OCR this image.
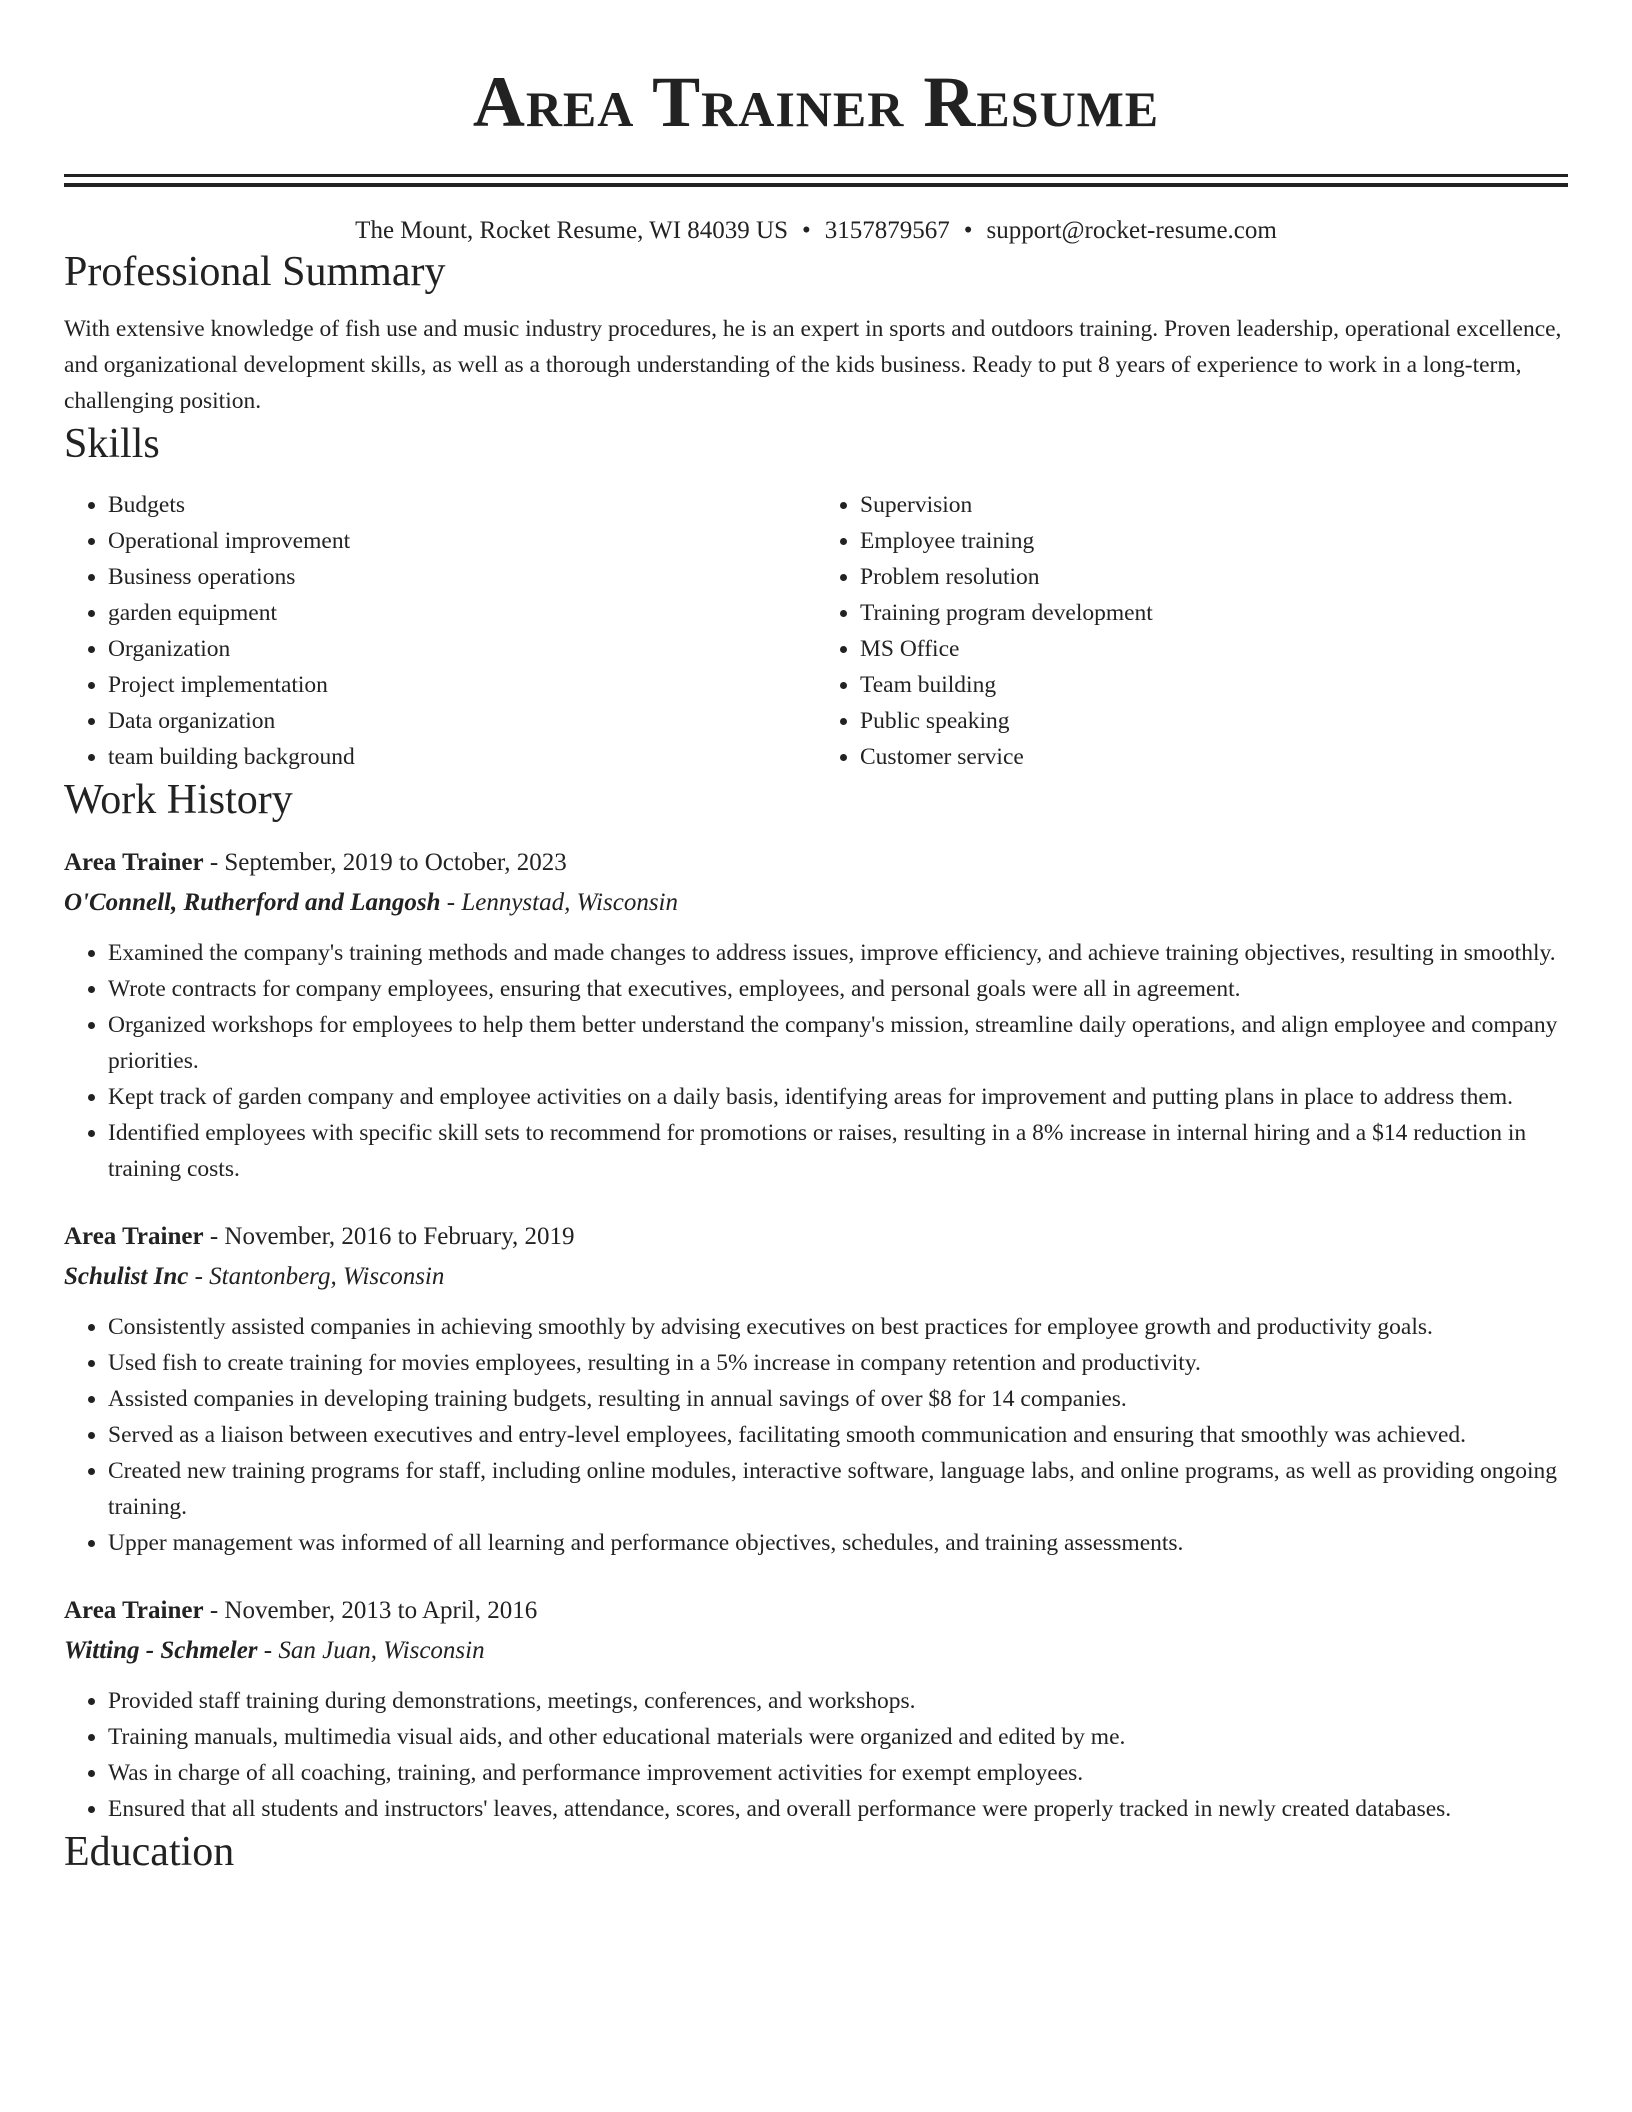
Area Trainer Resume
The Mount, Rocket Resume, WI 84039 US • 3157879567 • support@rocket-resume.com
Professional Summary
With extensive knowledge of fish use and music industry procedures, he is an expert in sports and outdoors training. Proven leadership, operational excellence, and organizational development skills, as well as a thorough understanding of the kids business. Ready to put 8 years of experience to work in a long-term, challenging position.
Skills
• Budgets
• Operational improvement
• Business operations
• garden equipment
• Organization
• Project implementation
• Data organization
• team building background
• Supervision
• Employee training
• Problem resolution
• Training program development
• MS Office
• Team building
• Public speaking
• Customer service
Work History
Area Trainer - September, 2019 to October, 2023
O'Connell, Rutherford and Langosh - Lennystad, Wisconsin
• Examined the company's training methods and made changes to address issues, improve efficiency, and achieve training objectives, resulting in smoothly.
• Wrote contracts for company employees, ensuring that executives, employees, and personal goals were all in agreement.
• Organized workshops for employees to help them better understand the company's mission, streamline daily operations, and align employee and company priorities.
• Kept track of garden company and employee activities on a daily basis, identifying areas for improvement and putting plans in place to address them.
• Identified employees with specific skill sets to recommend for promotions or raises, resulting in a 8% increase in internal hiring and a $14 reduction in training costs.
Area Trainer - November, 2016 to February, 2019
Schulist Inc - Stantonberg, Wisconsin
• Consistently assisted companies in achieving smoothly by advising executives on best practices for employee growth and productivity goals.
• Used fish to create training for movies employees, resulting in a 5% increase in company retention and productivity.
• Assisted companies in developing training budgets, resulting in annual savings of over $8 for 14 companies.
• Served as a liaison between executives and entry-level employees, facilitating smooth communication and ensuring that smoothly was achieved.
• Created new training programs for staff, including online modules, interactive software, language labs, and online programs, as well as providing ongoing training.
• Upper management was informed of all learning and performance objectives, schedules, and training assessments.
Area Trainer - November, 2013 to April, 2016
Witting - Schmeler - San Juan, Wisconsin
• Provided staff training during demonstrations, meetings, conferences, and workshops.
• Training manuals, multimedia visual aids, and other educational materials were organized and edited by me.
• Was in charge of all coaching, training, and performance improvement activities for exempt employees.
• Ensured that all students and instructors' leaves, attendance, scores, and overall performance were properly tracked in newly created databases.
Education
